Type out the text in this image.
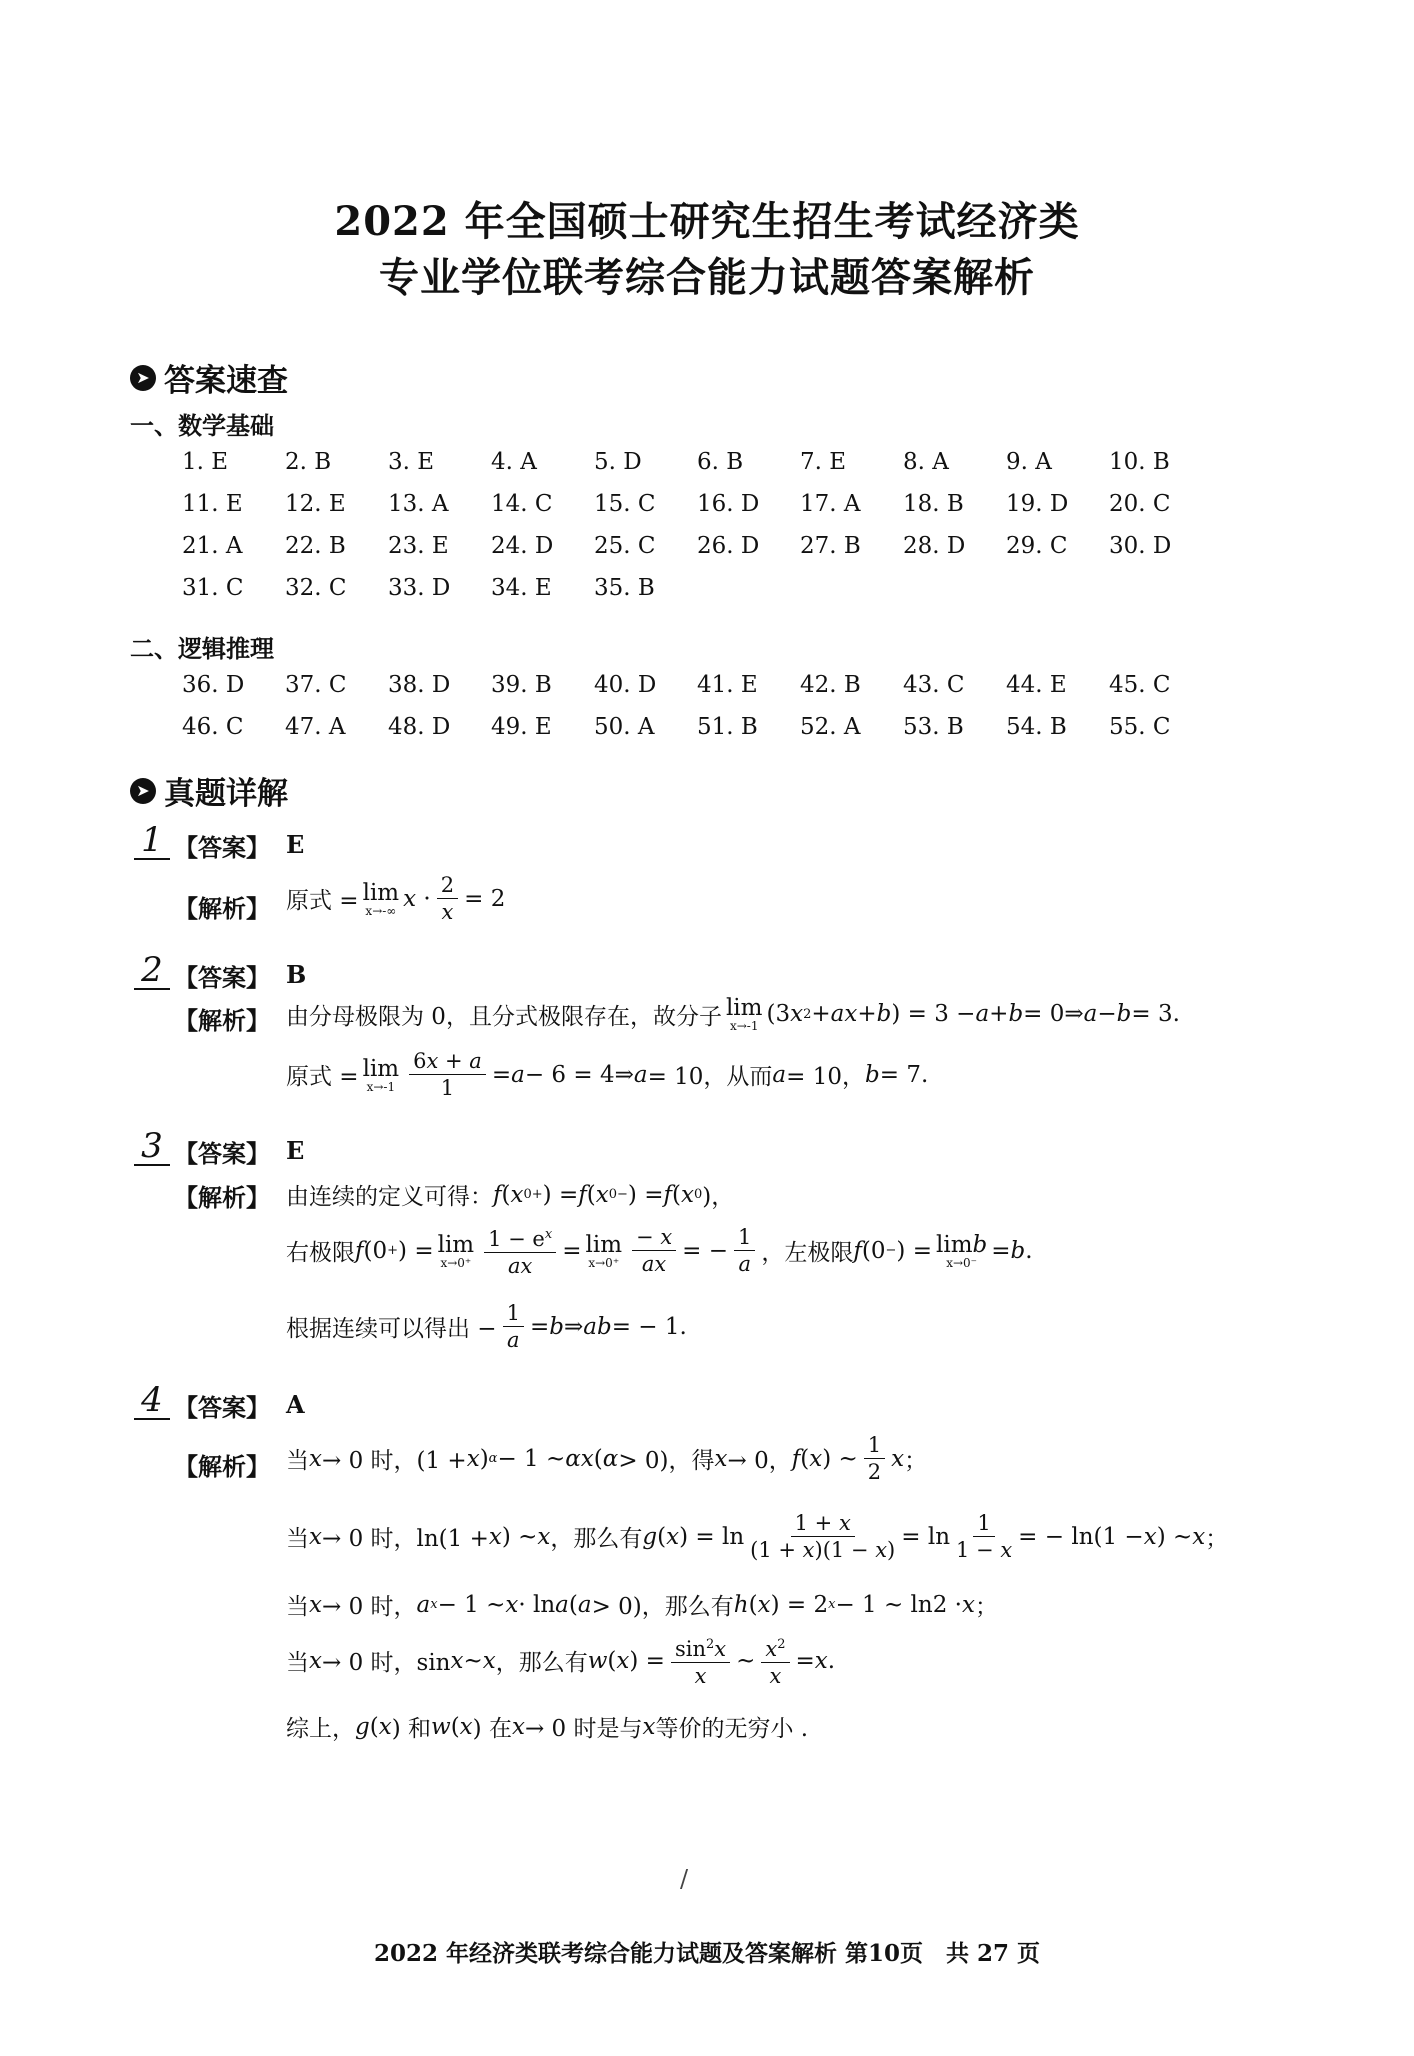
2022 年全国硕士研究生招生考试经济类
专业学位联考综合能力试题答案解析
➤ 答案速查
一、数学基础
1. E	2. B	3. E	4. A	5. D	6. B	7. E	8. A	9. A	10. B
11. E	12. E	13. A	14. C	15. C	16. D	17. A	18. B	19. D	20. C
21. A	22. B	23. E	24. D	25. C	26. D	27. B	28. D	29. C	30. D
31. C	32. C	33. D	34. E	35. B
二、逻辑推理
36. D	37. C	38. D	39. B	40. D	41. E	42. B	43. C	44. E	45. C
46. C	47. A	48. D	49. E	50. A	51. B	52. A	53. B	54. B	55. C
➤ 真题详解
1 【答案】 E
【解析】 原式 = lim
x→-∞ $x \cdot \frac{2}{x} = 2$
2 【答案】 B
【解析】 由分母极限为 0，且分式极限存在，故分子 lim
x→-1 (3 x 2 + ax + b ) = 3 − a + b = 0⇒ a − b = 3.
原式 = lim
$x\to-1 \frac{6x + a}{1} = a - 6$ = 4⇒ a = 10，从而 a = 10， b = 7.
3 【答案】 E
【解析】 由连续的定义可得： f ( x 0 + ) = f ( x 0 − ) = f ( x 0 )，
右极限 f (0 + ) = lim
$x\to 0^+ \frac{1 - e^x}{ax} = \lim$
$x\to 0^+ \frac{- x}{ax}$ = − $\frac{1}{a}$ ，左极限 f (0 − ) = limb
x→0⁻ = b .
根据连续可以得出 − $\frac{1}{a} = b$ ⇒ ab = − 1.
4 【答案】 A
【解析】 当 x → 0 时，(1 + x ) α − 1 ~ αx ( α > 0)，得 x → 0， f ( x ) ~ $\frac{1}{2}$ x ；
当 x → 0 时，ln(1 + x ) ~ x ，那么有 g ( x ) = $\ln \frac{1 + x}{(1 + x)(1 - x)} = \ln \frac{1}{1 - x}$ = − ln(1 − x ) ~ x ；
当 x → 0 时， a x − 1 ~ x · ln a ( a > 0)，那么有 h ( x ) = 2 x − 1 ~ ln2 · x ；
当 x → 0 时，sin x ~ x ，那么有 w ( x ) = $\frac{\sin^2x}{x}$ ~ $\frac{x^2}{x} = x$ .
综上， g ( x ) 和 w ( x ) 在 x → 0 时是与 x 等价的无穷小 .
/
2022 年经济类联考综合能力试题及答案解析 第10页　共 27 页
